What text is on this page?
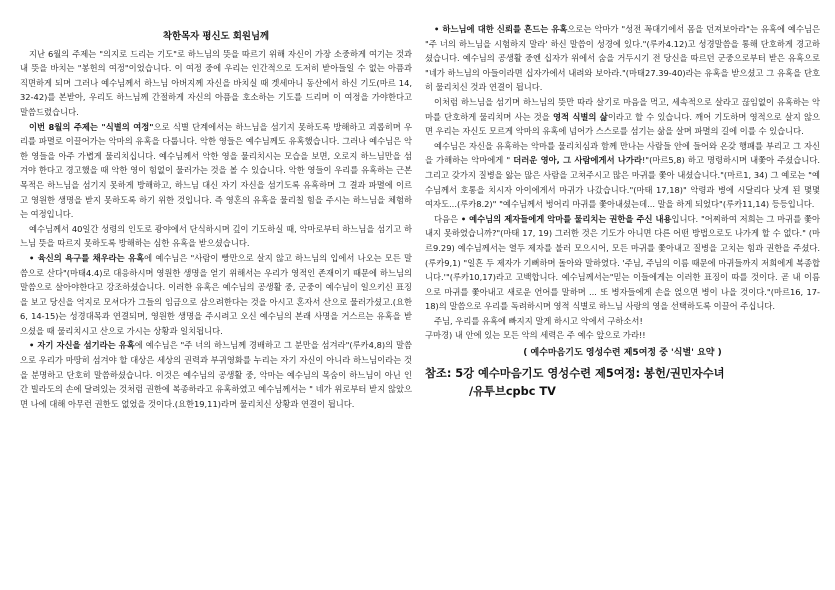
착한목자 평신도 회원님께

지난 6월의 주제는 "의지로 드리는 기도"로 하느님의 뜻을 따르기 위해 자신이 가장 소중하게 여기는 것과 내 뜻을 바치는 "봉헌의 여정"이었습니다. 이 여정 중에 우리는 인간적으로 도저히 받아들일 수 없는 아픔과 직면하게 되며 그러나 예수님께서 하느님 아버지께 자신을 바치실 때 겟세마니 동산에서 하신 기도(마르 14, 32-42)를 본받아, 우리도 하느님께 간절하게 자신의 아픔을 호소하는 기도를 드리며 이 여정을 가야한다고 말씀드렸습니다.

이번 8월의 주제는 "식별의 여정"으로 식별 단계에서는 하느님을 섬기지 못하도록 방해하고 괴롭히며 우리를 파멸로 이끌어가는 악마의 유혹을 다룹니다. 악한 영들은 예수님께도 유혹했습니다. 그러나 예수님은 악한 영들을 아주 가볍게 물리치십니다. 예수님께서 악한 영을 물리치시는 모습을 보면, 오로지 하느님만을 섬겨야 한다고 경고했을 때 악한 영이 힘없이 물러가는 것을 볼 수 있습니다. 악한 영들이 우리를 유혹하는 근본 목적은 하느님을 섬기지 못하게 방해하고, 하느님 대신 자기 자신을 섬기도록 유혹하며 그 결과 파멸에 이르고 영원한 생명을 받지 못하도록 하기 위한 것입니다. 즉 영혼의 유혹을 물리칠 힘을 주시는 하느님을 체험하는 여정입니다.

예수님께서 40일간 성령의 인도로 광야에서 단식하시며 깊이 기도하실 때, 악마로부터 하느님을 섬기고 하느님 뜻을 따르지 못하도록 방해하는 심한 유혹을 받으셨습니다.

• 육신의 욕구를 채우라는 유혹에 예수님은 "사람이 빵만으로 살지 않고 하느님의 입에서 나오는 모든 말씀으로 산다"(마태4.4)로 대응하시며 영원한 생명을 얻기 위해서는 우리가 영적인 존재이기 때문에 하느님의 말씀으로 살아야한다고 강조하셨습니다. 이러한 유혹은 예수님의 공생활 중, 군중이 예수님이 일으키신 표징을 보고 당신을 억지로 모셔다가 그들의 임금으로 삼으려한다는 것을 아시고 혼자서 산으로 물러가셨고.(요한6, 14-15)는 성경대목과 연결되며, 영원한 생명을 주시려고 오신 예수님의 본래 사명을 거스르는 유혹을 받으셨을 때 물리치시고 산으로 가시는 상황과 일치됩니다.

• 자기 자신을 섬기라는 유혹에 예수님은 "주 너의 하느님께 경배하고 그 분만을 섬겨라"(루카4,8)의 말씀으로 우리가 마땅히 섬겨야 할 대상은 세상의 권력과 부귀영화를 누리는 자기 자신이 아니라 하느님이라는 것을 분명하고 단호히 말씀하셨습니다. 이것은 예수님의 공생활 중, 악마는 예수님의 목숨이 하느님이 아닌 인간 빌라도의 손에 달려있는 것처럼 권한에 복종하라고 유혹하였고 예수님께서는 " 네가 위로부터 받지 않았으면 나에 대해 아무런 권한도 없었을 것이다.(요한19,11)라며 물리치신 상황과 연결이 됩니다.

• 하느님에 대한 신뢰를 흔드는 유혹으로는 악마가 "성전 꼭대기에서 몸을 던져보아라"는 유혹에 예수님은 "주 너의 하느님을 시험하지 말라' 하신 말씀이 성경에 있다."(루카4.12)고 성경말씀을 통해 단호하게 경고하셨습니다. 예수님의 공생활 중엔 십자가 위에서 숨을 거두시기 전 당신을 따르던 군중으로부터 받은 유혹으로 "네가 하느님의 아들이라면 십자가에서 내려와 보아라."(마태27.39-40)라는 유혹을 받으셨고 그 유혹을 단호히 물리치신 것과 연결이 됩니다.

이처럼 하느님을 섬기며 하느님의 뜻만 따라 살기로 마음을 먹고, 세속적으로 살라고 끊임없이 유혹하는 악마를 단호하게 물리치며 사는 것을 영적 식별의 삶이라고 할 수 있습니다. 깨어 기도하며 영적으로 살지 않으면 우리는 자신도 모르게 악마의 유혹에 넘어가 스스로를 섬기는 삶을 살며 파멸의 길에 이를 수 있습니다.

예수님은 자신을 유혹하는 악마를 물리치심과 함께 만나는 사람들 안에 들어와 온갖 행패를 부리고 그 자신을 가해하는 악마에게 " 더러운 영아, 그 사람에게서 나가라!"(마르5,8) 하고 명령하시며 내쫓아 주셨습니다. 그리고 갖가지 질병을 앓는 많은 사람을 고쳐주시고 많은 마귀를 쫓아 내셨습니다."(마르1, 34) 그 예로는 "예수님께서 호통을 치시자 아이에게서 마귀가 나갔습니다."(마태 17,18)" 악령과 병에 시달리다 낫게 된 몇몇 여자도...(루카8.2)" "예수님께서 벙어리 마귀를 쫓아내셨는데... 말을 하게 되었다"(루카11,14) 등등입니다.

다음은 • 예수님의 제자들에게 악마를 물리치는 권한을 주신 내용입니다. "어찌하여 저희는 그 마귀를 쫓아내지 못하였습니까?"(마태 17, 19) 그러한 것은 기도가 아니면 다른 어떤 방법으로도 나가게 할 수 없다." (마르9.29) 예수님께서는 열두 제자를 불러 모으시어, 모든 마귀를 쫓아내고 질병을 고치는 힘과 권한을 주셨다.(루카9,1) "일흔 두 제자가 기뻐하며 돌아와 말하였다. '주님, 주님의 이름 때문에 마귀들까지 저희에게 복종합니다.'"(루카10,17)라고 고백합니다. 예수님께서는"믿는 이들에게는 이러한 표징이 따를 것이다. 곧 내 이름으로 마귀를 쫓아내고 새로운 언어를 말하며 ... 또 병자들에게 손을 얹으면 병이 나을 것이다."(마르16, 17-18)의 말씀으로 우리를 독려하시며 영적 식별로 하느님 사랑의 영을 선택하도록 이끌어 주십니다.

주님, 우리를 유혹에 빠지지 말게 하시고 악에서 구하소서!

구마경) 내 안에 있는 모든 악의 세력은 주 예수 앞으로 가라!!

( 예수마음기도 영성수련 제5여정 중 '식별' 요약 )
참조: 5강 예수마음기도 영성수련 제5여정: 봉헌/권민자수녀
/유투브cpbc TV
